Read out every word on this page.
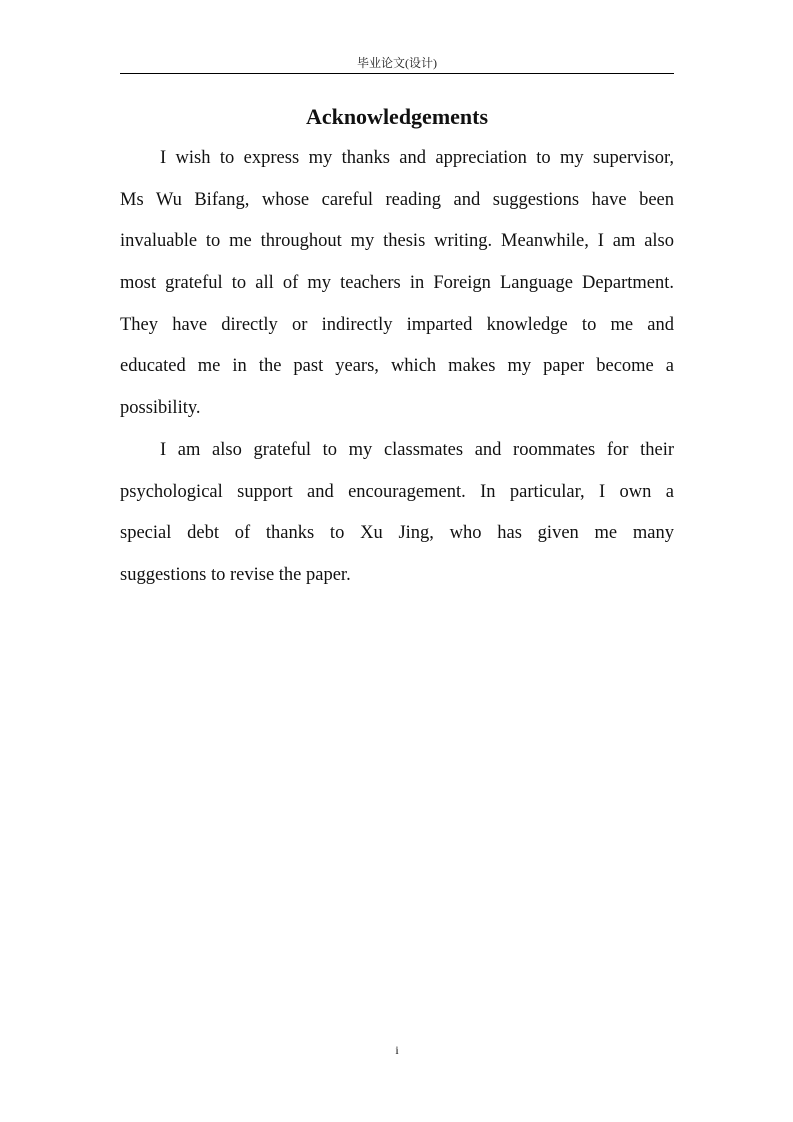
毕业论文(设计)
Acknowledgements
I wish to express my thanks and appreciation to my supervisor,
Ms Wu Bifang, whose careful reading and suggestions have been
invaluable to me throughout my thesis writing. Meanwhile, I am also
most grateful to all of my teachers in Foreign Language Department.
They have directly or indirectly imparted knowledge to me and
educated me in the past years, which makes my paper become a
possibility.
I am also grateful to my classmates and roommates for their
psychological support and encouragement. In particular, I own a
special debt of thanks to Xu Jing, who has given me many
suggestions to revise the paper.
i
